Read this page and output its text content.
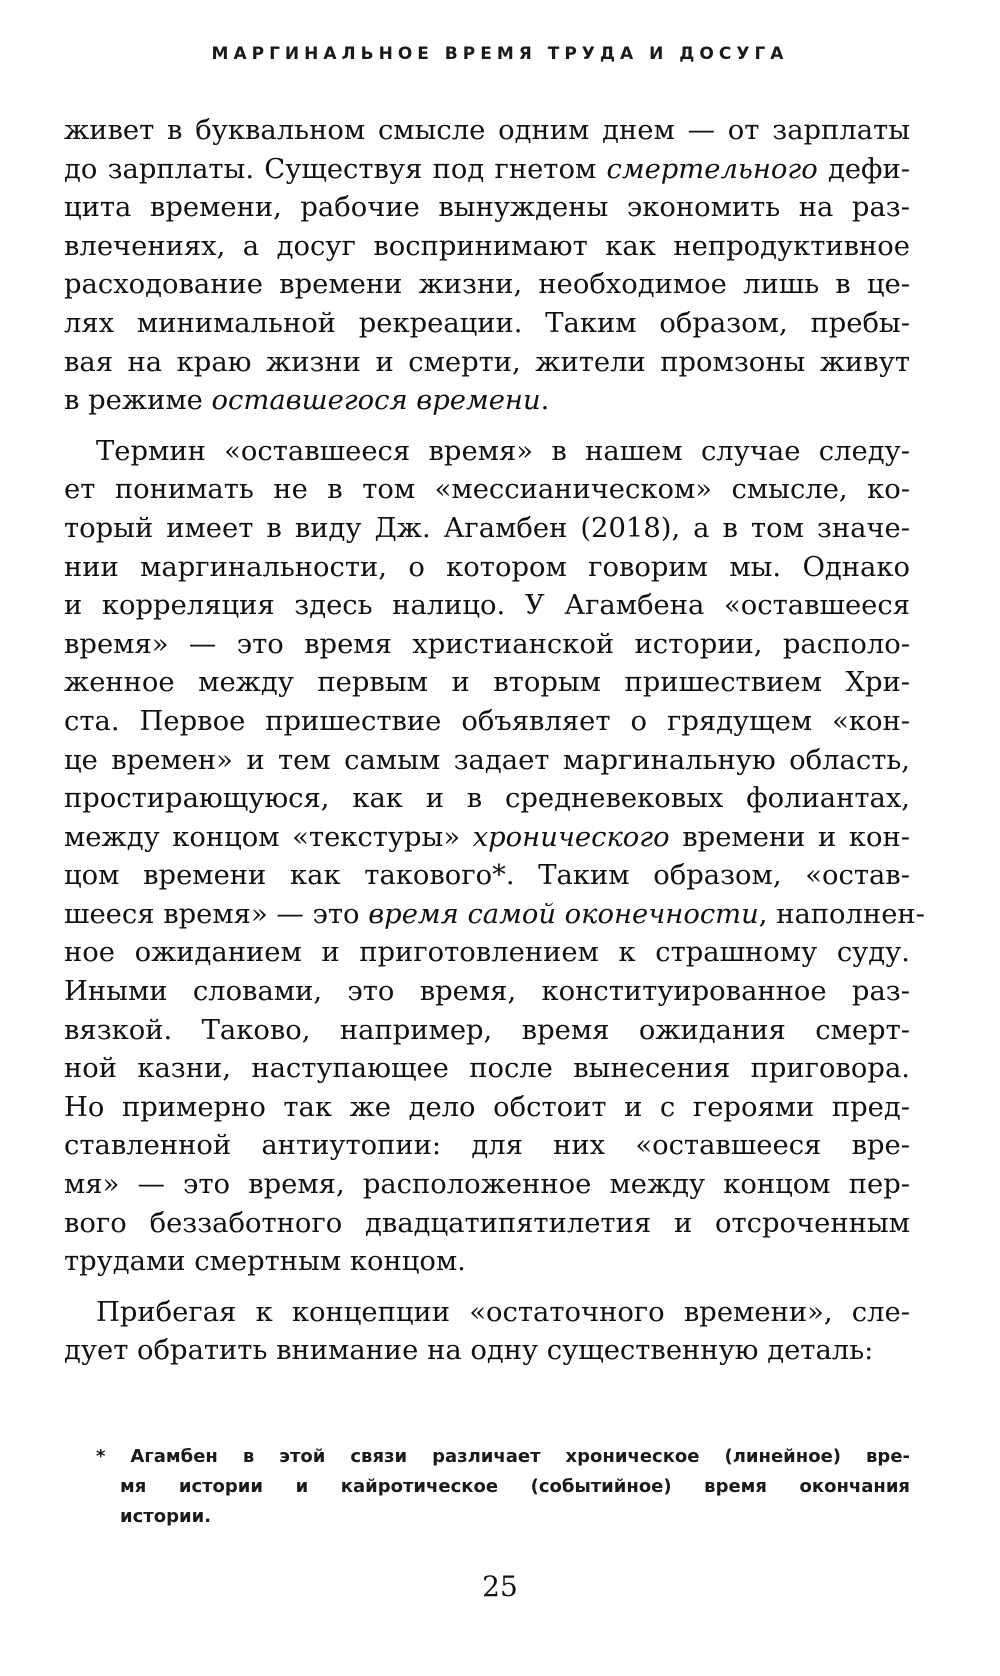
МАРГИНАЛЬНОЕ ВРЕМЯ ТРУДА И ДОСУГА
живет в буквальном смысле одним днем — от зарплаты
до зарплаты. Существуя под гнетом смертельного дефи-
цита времени, рабочие вынуждены экономить на раз-
влечениях, а досуг воспринимают как непродуктивное
расходование времени жизни, необходимое лишь в це-
лях минимальной рекреации. Таким образом, пребы-
вая на краю жизни и смерти, жители промзоны живут
в режиме оставшегося времени.
Термин «оставшееся время» в нашем случае следу-
ет понимать не в том «мессианическом» смысле, ко-
торый имеет в виду Дж. Агамбен (2018), а в том значе-
нии маргинальности, о котором говорим мы. Однако
и корреляция здесь налицо. У Агамбена «оставшееся
время» — это время христианской истории, располо-
женное между первым и вторым пришествием Хри-
ста. Первое пришествие объявляет о грядущем «кон-
це времен» и тем самым задает маргинальную область,
простирающуюся, как и в средневековых фолиантах,
между концом «текстуры» хронического времени и кон-
цом времени как такового*. Таким образом, «остав-
шееся время» — это время самой оконечности, наполнен-
ное ожиданием и приготовлением к страшному суду.
Иными словами, это время, конституированное раз-
вязкой. Таково, например, время ожидания смерт-
ной казни, наступающее после вынесения приговора.
Но примерно так же дело обстоит и с героями пред-
ставленной антиутопии: для них «оставшееся вре-
мя» — это время, расположенное между концом пер-
вого беззаботного двадцатипятилетия и отсроченным
трудами смертным концом.
Прибегая к концепции «остаточного времени», сле-
дует обратить внимание на одну существенную деталь:
* Агамбен в этой связи различает хроническое (линейное) вре-
мя истории и кайротическое (событийное) время окончания
истории.
25
